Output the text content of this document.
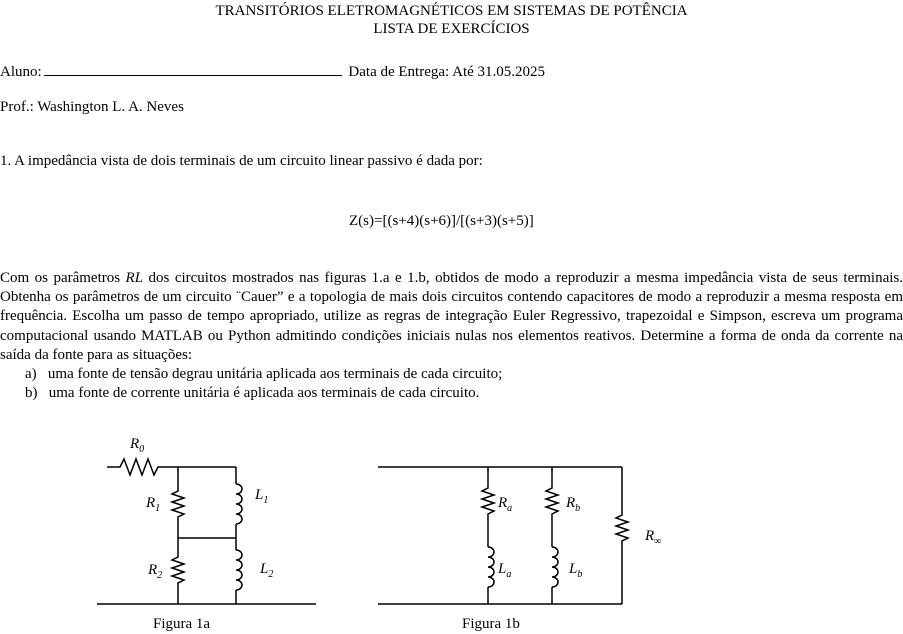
TRANSITÓRIOS ELETROMAGNÉTICOS EM SISTEMAS DE POTÊNCIA
LISTA DE EXERCÍCIOS
Aluno:	Data de Entrega: Até 31.05.2025
Prof.: Washington L. A. Neves
1. A impedância vista de dois terminais de um circuito linear passivo é dada por:
Z(s)=[(s+4)(s+6)]/[(s+3)(s+5)]
Com os parâmetros RL dos circuitos mostrados nas figuras 1.a e 1.b, obtidos de modo a reproduzir a mesma impedância vista de seus terminais. Obtenha os parâmetros de um circuito ¨Cauer” e a topologia de mais dois circuitos contendo capacitores de modo a reproduzir a mesma resposta em frequência. Escolha um passo de tempo apropriado, utilize as regras de integração Euler Regressivo, trapezoidal e Simpson, escreva um programa computacional usando MATLAB ou Python admitindo condições iniciais nulas nos elementos reativos. Determine a forma de onda da corrente na saída da fonte para as situações:
a) uma fonte de tensão degrau unitária aplicada aos terminais de cada circuito;
b) uma fonte de corrente unitária é aplicada aos terminais de cada circuito.
$R_0$
$R_1$
$L_1$
$R_2$	$L_2$
Figura 1a
$R_a$	$R_b$
$R_\infty$
$L_a$	$L_b$
Figura 1b
